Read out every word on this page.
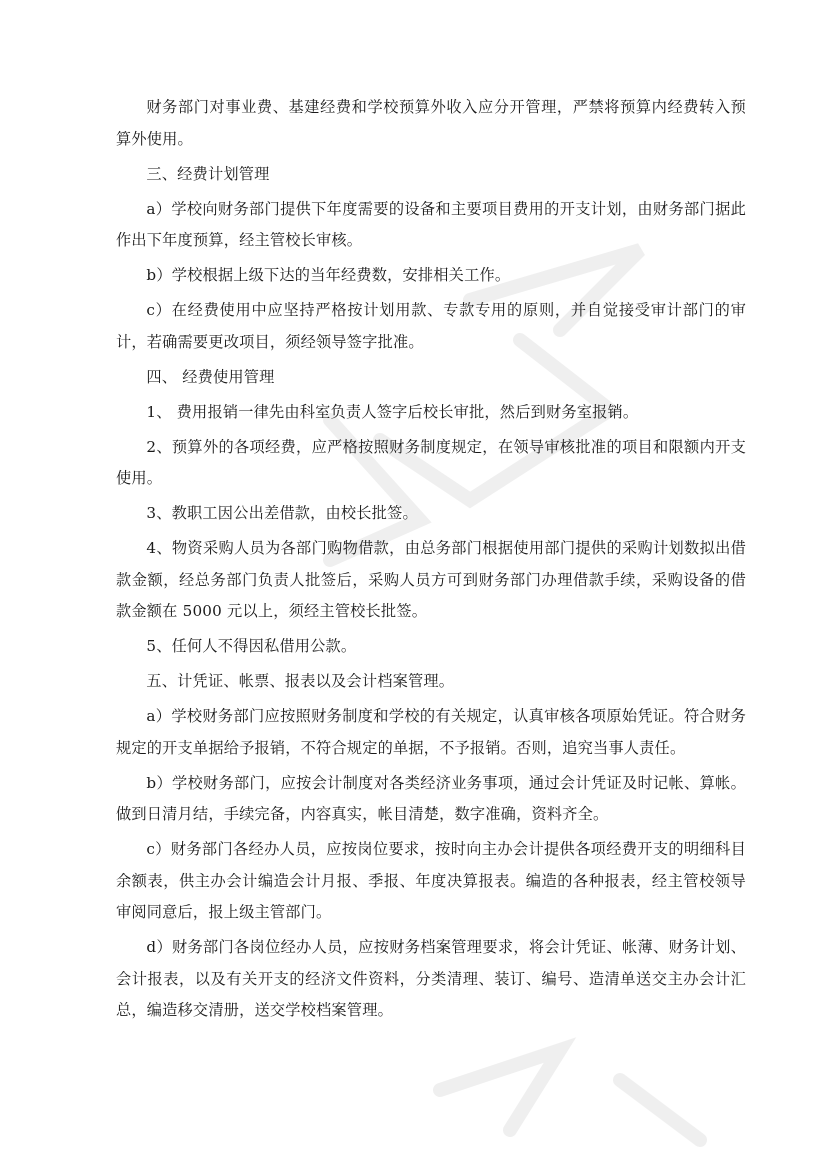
财务部门对事业费、基建经费和学校预算外收入应分开管理，严禁将预算内经费转入预算外使用。

三、经费计划管理

a）学校向财务部门提供下年度需要的设备和主要项目费用的开支计划，由财务部门据此作出下年度预算，经主管校长审核。

b）学校根据上级下达的当年经费数，安排相关工作。

c）在经费使用中应坚持严格按计划用款、专款专用的原则，并自觉接受审计部门的审计，若确需要更改项目，须经领导签字批准。

四、 经费使用管理

1、 费用报销一律先由科室负责人签字后校长审批，然后到财务室报销。

2、预算外的各项经费，应严格按照财务制度规定，在领导审核批准的项目和限额内开支使用。

3、教职工因公出差借款，由校长批签。

4、物资采购人员为各部门购物借款，由总务部门根据使用部门提供的采购计划数拟出借款金额，经总务部门负责人批签后，采购人员方可到财务部门办理借款手续，采购设备的借款金额在 5000 元以上，须经主管校长批签。

5、任何人不得因私借用公款。

五、计凭证、帐票、报表以及会计档案管理。

a）学校财务部门应按照财务制度和学校的有关规定，认真审核各项原始凭证。符合财务规定的开支单据给予报销，不符合规定的单据，不予报销。否则，追究当事人责任。

b）学校财务部门，应按会计制度对各类经济业务事项，通过会计凭证及时记帐、算帐。做到日清月结，手续完备，内容真实，帐目清楚，数字准确，资料齐全。

c）财务部门各经办人员，应按岗位要求，按时向主办会计提供各项经费开支的明细科目余额表，供主办会计编造会计月报、季报、年度决算报表。编造的各种报表，经主管校领导审阅同意后，报上级主管部门。

d）财务部门各岗位经办人员，应按财务档案管理要求，将会计凭证、帐薄、财务计划、会计报表，以及有关开支的经济文件资料，分类清理、装订、编号、造清单送交主办会计汇总，编造移交清册，送交学校档案管理。
